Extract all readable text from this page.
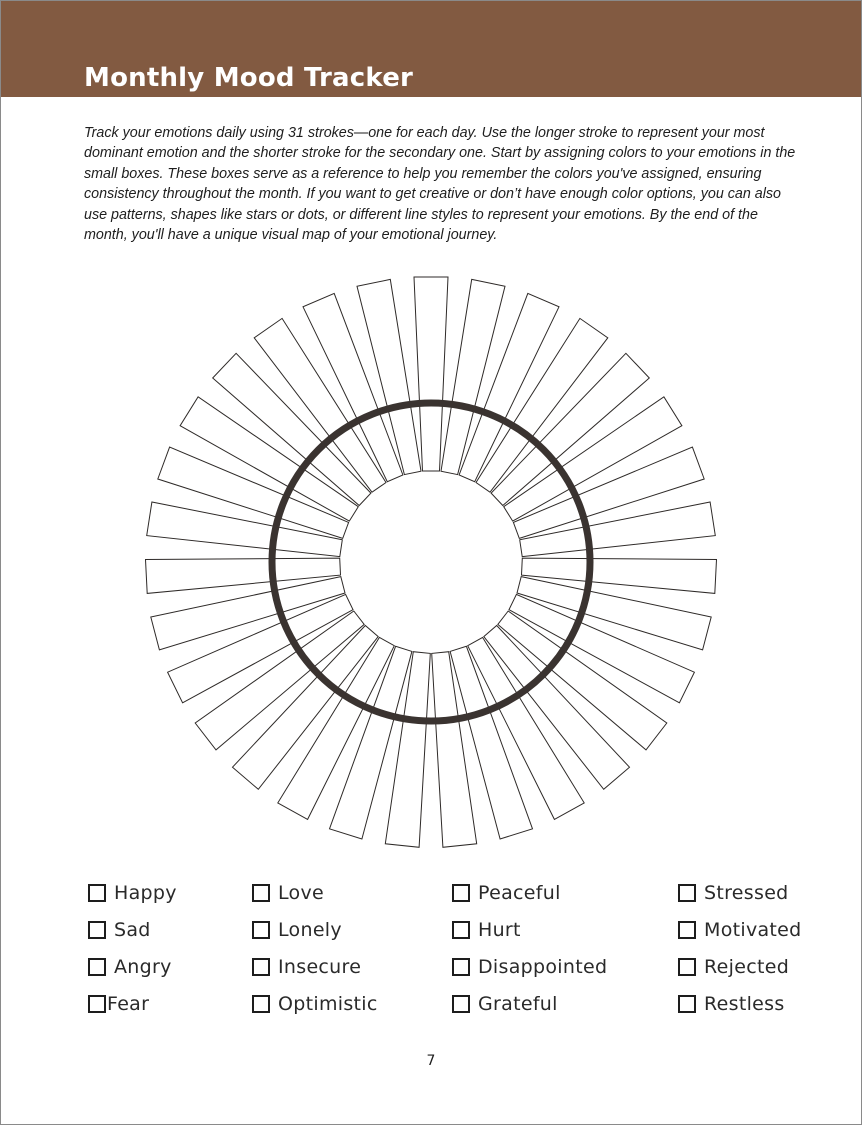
Monthly Mood Tracker

Track your emotions daily using 31 strokes—one for each day. Use the longer stroke to represent your most dominant emotion and the shorter stroke for the secondary one. Start by assigning colors to your emotions in the small boxes. These boxes serve as a reference to help you remember the colors you've assigned, ensuring consistency throughout the month. If you want to get creative or don’t have enough color options, you can also use patterns, shapes like stars or dots, or different line styles to represent your emotions. By the end of the month, you'll have a unique visual map of your emotional journey.

Happy
Sad
Angry
Fear
Love
Lonely
Insecure
Optimistic
Peaceful
Hurt
Disappointed
Grateful
Stressed
Motivated
Rejected
Restless
7
